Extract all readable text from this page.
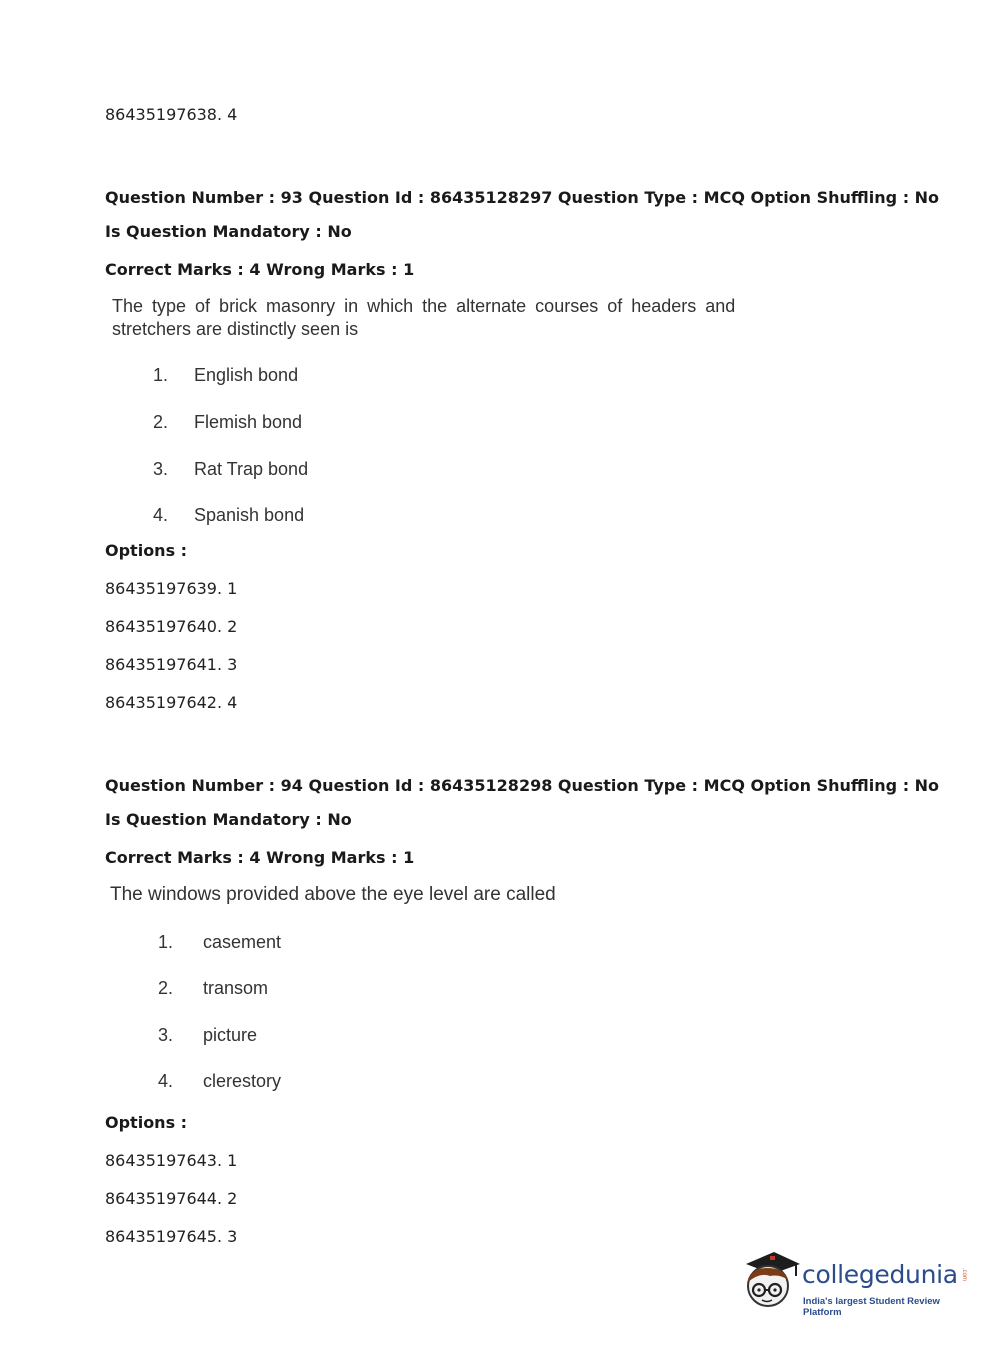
86435197638. 4
Question Number : 93 Question Id : 86435128297 Question Type : MCQ Option Shuffling : No
Is Question Mandatory : No
Correct Marks : 4 Wrong Marks : 1
The type of brick masonry in which the alternate courses of headers and
stretchers are distinctly seen is
1. English bond
2. Flemish bond
3. Rat Trap bond
4. Spanish bond
Options :
86435197639. 1
86435197640. 2
86435197641. 3
86435197642. 4
Question Number : 94 Question Id : 86435128298 Question Type : MCQ Option Shuffling : No
Is Question Mandatory : No
Correct Marks : 4 Wrong Marks : 1
The windows provided above the eye level are called
1. casement
2. transom
3. picture
4. clerestory
Options :
86435197643. 1
86435197644. 2
86435197645. 3
collegedunia .com
India's largest Student Review Platform
